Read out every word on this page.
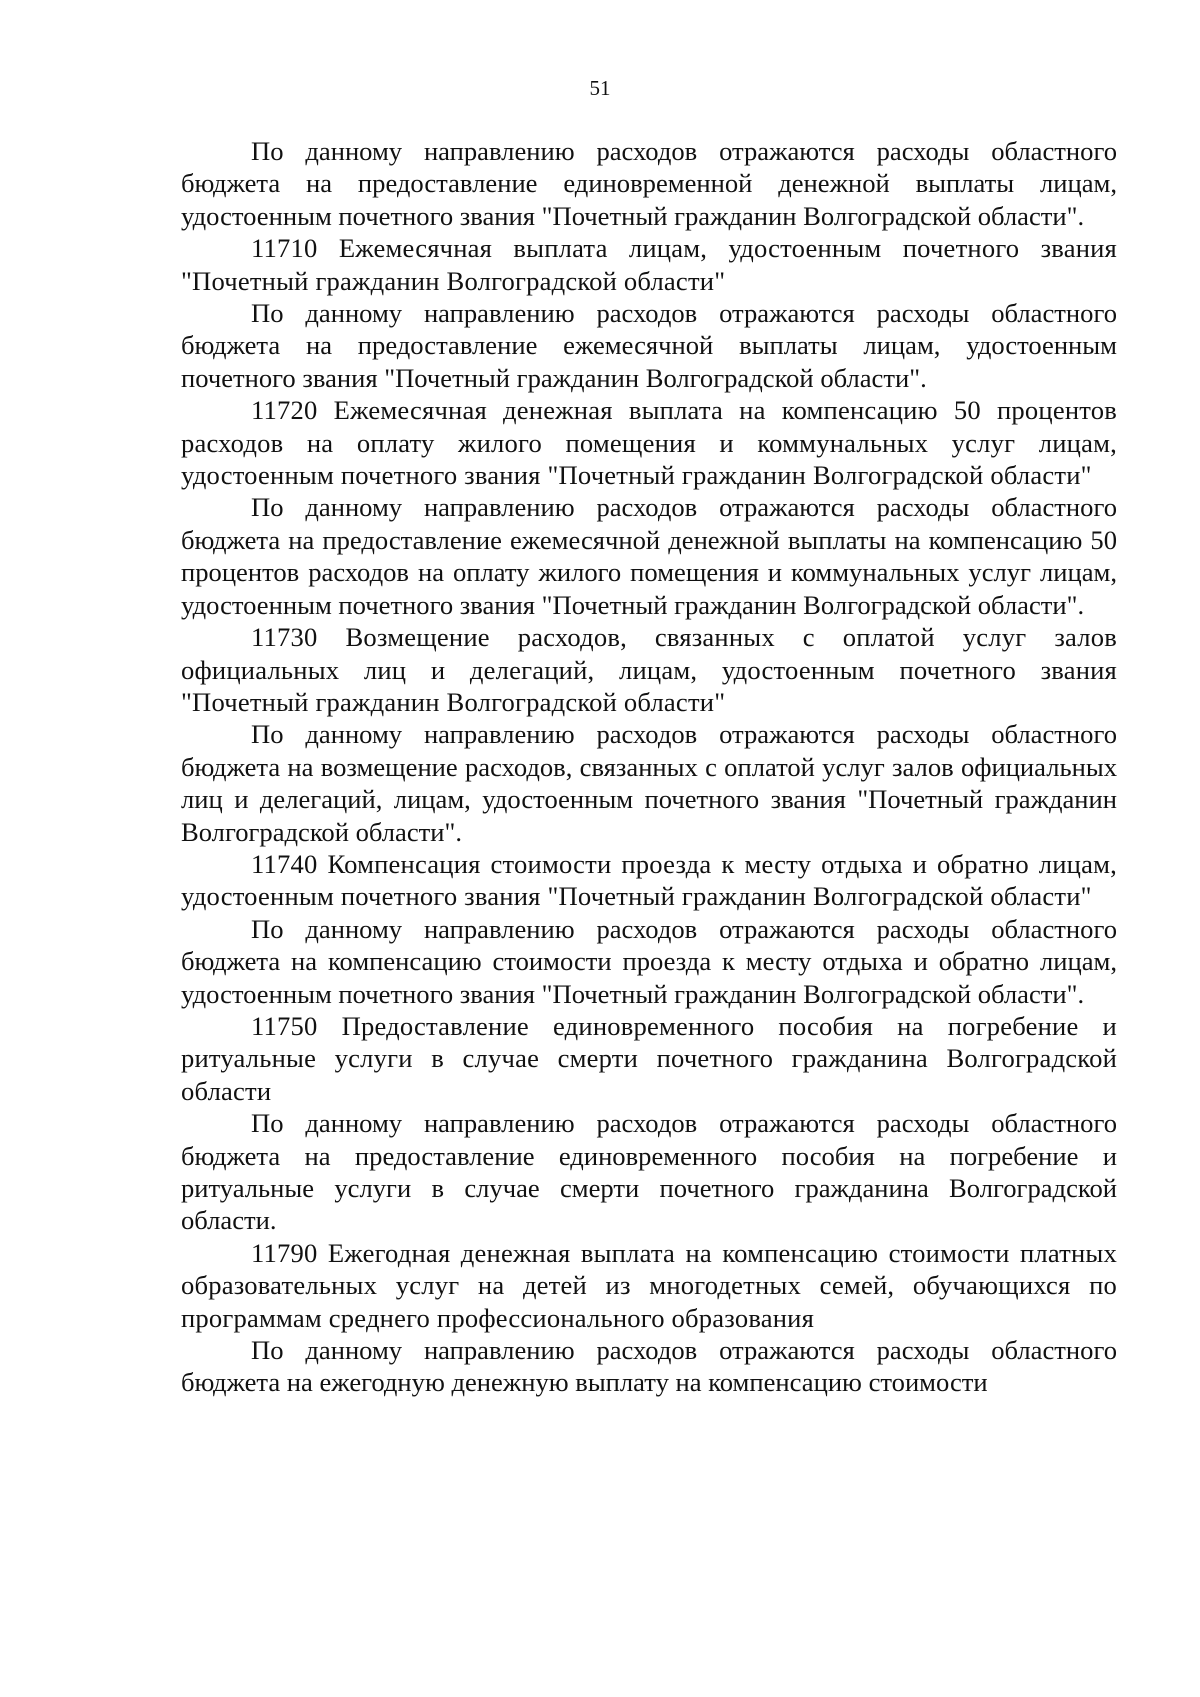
51

По данному направлению расходов отражаются расходы областного бюджета на предоставление единовременной денежной выплаты лицам, удостоенным почетного звания "Почетный гражданин Волгоградской области".

11710 Ежемесячная выплата лицам, удостоенным почетного звания "Почетный гражданин Волгоградской области"

По данному направлению расходов отражаются расходы областного бюджета на предоставление ежемесячной выплаты лицам, удостоенным почетного звания "Почетный гражданин Волгоградской области".

11720 Ежемесячная денежная выплата на компенсацию 50 процентов расходов на оплату жилого помещения и коммунальных услуг лицам, удостоенным почетного звания "Почетный гражданин Волгоградской области"

По данному направлению расходов отражаются расходы областного бюджета на предоставление ежемесячной денежной выплаты на компенсацию 50 процентов расходов на оплату жилого помещения и коммунальных услуг лицам, удостоенным почетного звания "Почетный гражданин Волгоградской области".

11730 Возмещение расходов, связанных с оплатой услуг залов официальных лиц и делегаций, лицам, удостоенным почетного звания "Почетный гражданин Волгоградской области"

По данному направлению расходов отражаются расходы областного бюджета на возмещение расходов, связанных с оплатой услуг залов официальных лиц и делегаций, лицам, удостоенным почетного звания "Почетный гражданин Волгоградской области".

11740 Компенсация стоимости проезда к месту отдыха и обратно лицам, удостоенным почетного звания "Почетный гражданин Волгоградской области"

По данному направлению расходов отражаются расходы областного бюджета на компенсацию стоимости проезда к месту отдыха и обратно лицам, удостоенным почетного звания "Почетный гражданин Волгоградской области".

11750 Предоставление единовременного пособия на погребение и ритуальные услуги в случае смерти почетного гражданина Волгоградской области

По данному направлению расходов отражаются расходы областного бюджета на предоставление единовременного пособия на погребение и ритуальные услуги в случае смерти почетного гражданина Волгоградской области.

11790 Ежегодная денежная выплата на компенсацию стоимости платных образовательных услуг на детей из многодетных семей, обучающихся по программам среднего профессионального образования

По данному направлению расходов отражаются расходы областного бюджета на ежегодную денежную выплату на компенсацию стоимости
